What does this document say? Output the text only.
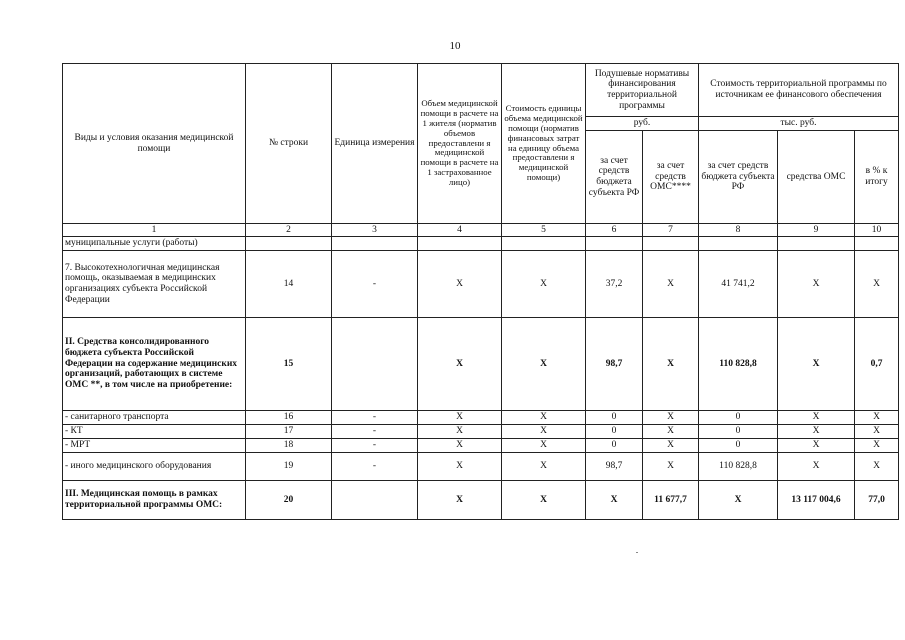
10
Виды и условия оказания медицинской помощи	№ строки	Единица измерения	Объем медицинской помощи в расчете на 1 жителя (норматив объемов предоставлени я медицинской помощи в расчете на 1 застрахованное лицо)	Стоимость единицы объема медицинской помощи (норматив финансовых затрат на единицу объема предоставлени я медицинской помощи)	Подушевые нормативы финансирования территориальной программы		Стоимость территориальной программы по источникам ее финансового обеспечения		
					руб.		тыс. руб.		
					за счет средств бюджета субъекта РФ	за счет средств ОМС****	за счет средств бюджета субъекта РФ	средства ОМС	в % к итогу
1	2	3	4	5	6	7	8	9	10
муниципальные услуги (работы)									
7. Высокотехнологичная медицинская помощь, оказываемая в медицинских организациях субъекта Российской Федерации	14	-	Х	Х	37,2	Х	41 741,2	Х	Х
II. Средства консолидированного бюджета субъекта Российской Федерации на содержание медицинских организаций, работающих в системе ОМС **, в том числе на приобретение:	15		Х	Х	98,7	Х	110 828,8	Х	0,7
- санитарного транспорта	16	-	Х	Х	0	Х	0	Х	Х
- КТ	17	-	Х	Х	0	Х	0	Х	Х
- МРТ	18	-	Х	Х	0	Х	0	Х	Х
- иного медицинского оборудования	19	-	Х	Х	98,7	Х	110 828,8	Х	Х
III. Медицинская помощь в рамках территориальной программы ОМС:	20		Х	Х	Х	11 677,7	Х	13 117 004,6	77,0
